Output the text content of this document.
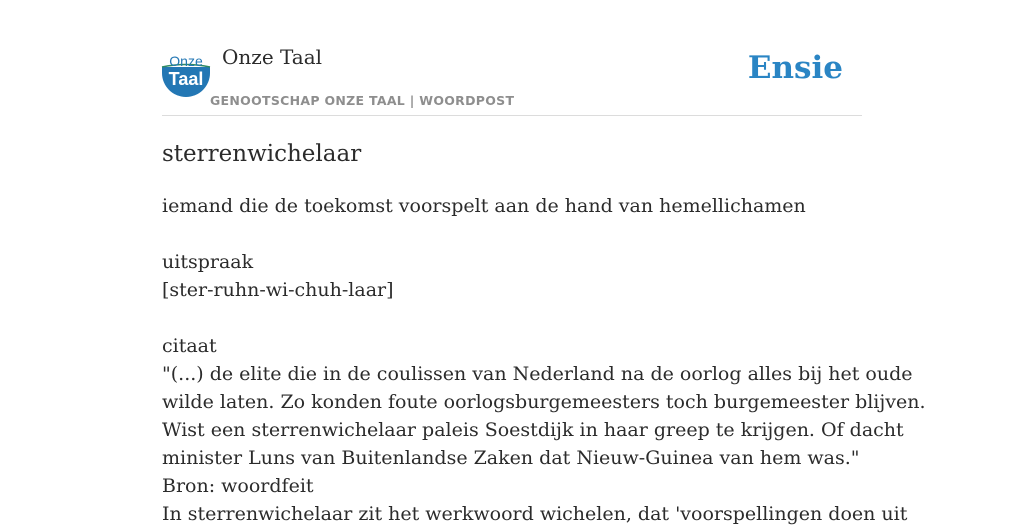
Onze
Taal
Onze Taal
GENOOTSCHAP ONZE TAAL | WOORDPOST
Ensie
sterrenwichelaar
iemand die de toekomst voorspelt aan de hand van hemellichamen
uitspraak
[ster-ruhn-wi-chuh-laar]
citaat
"(...) de elite die in de coulissen van Nederland na de oorlog alles bij het oude
wilde laten. Zo konden foute oorlogsburgemeesters toch burgemeester blijven.
Wist een sterrenwichelaar paleis Soestdijk in haar greep te krijgen. Of dacht
minister Luns van Buitenlandse Zaken dat Nieuw-Guinea van hem was."
Bron: woordfeit
In sterrenwichelaar zit het werkwoord wichelen, dat 'voorspellingen doen uit
